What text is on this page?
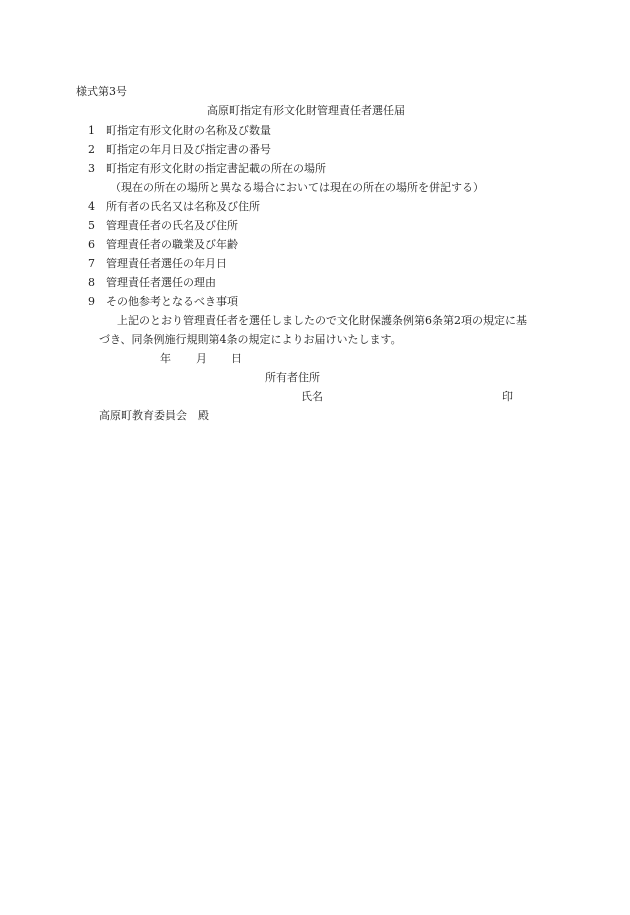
様式第3号
高原町指定有形文化財管理責任者選任届
1 町指定有形文化財の名称及び数量
2 町指定の年月日及び指定書の番号
3 町指定有形文化財の指定書記載の所在の場所
（現在の所在の場所と異なる場合においては現在の所在の場所を併記する）
4 所有者の氏名又は名称及び住所
5 管理責任者の氏名及び住所
6 管理責任者の職業及び年齢
7 管理責任者選任の年月日
8 管理責任者選任の理由
9 その他参考となるべき事項
上記のとおり管理責任者を選任しましたので文化財保護条例第6条第2項の規定に基
づき、同条例施行規則第4条の規定によりお届けいたします。
年 月 日
所有者住所
氏名	印
高原町教育委員会　殿
